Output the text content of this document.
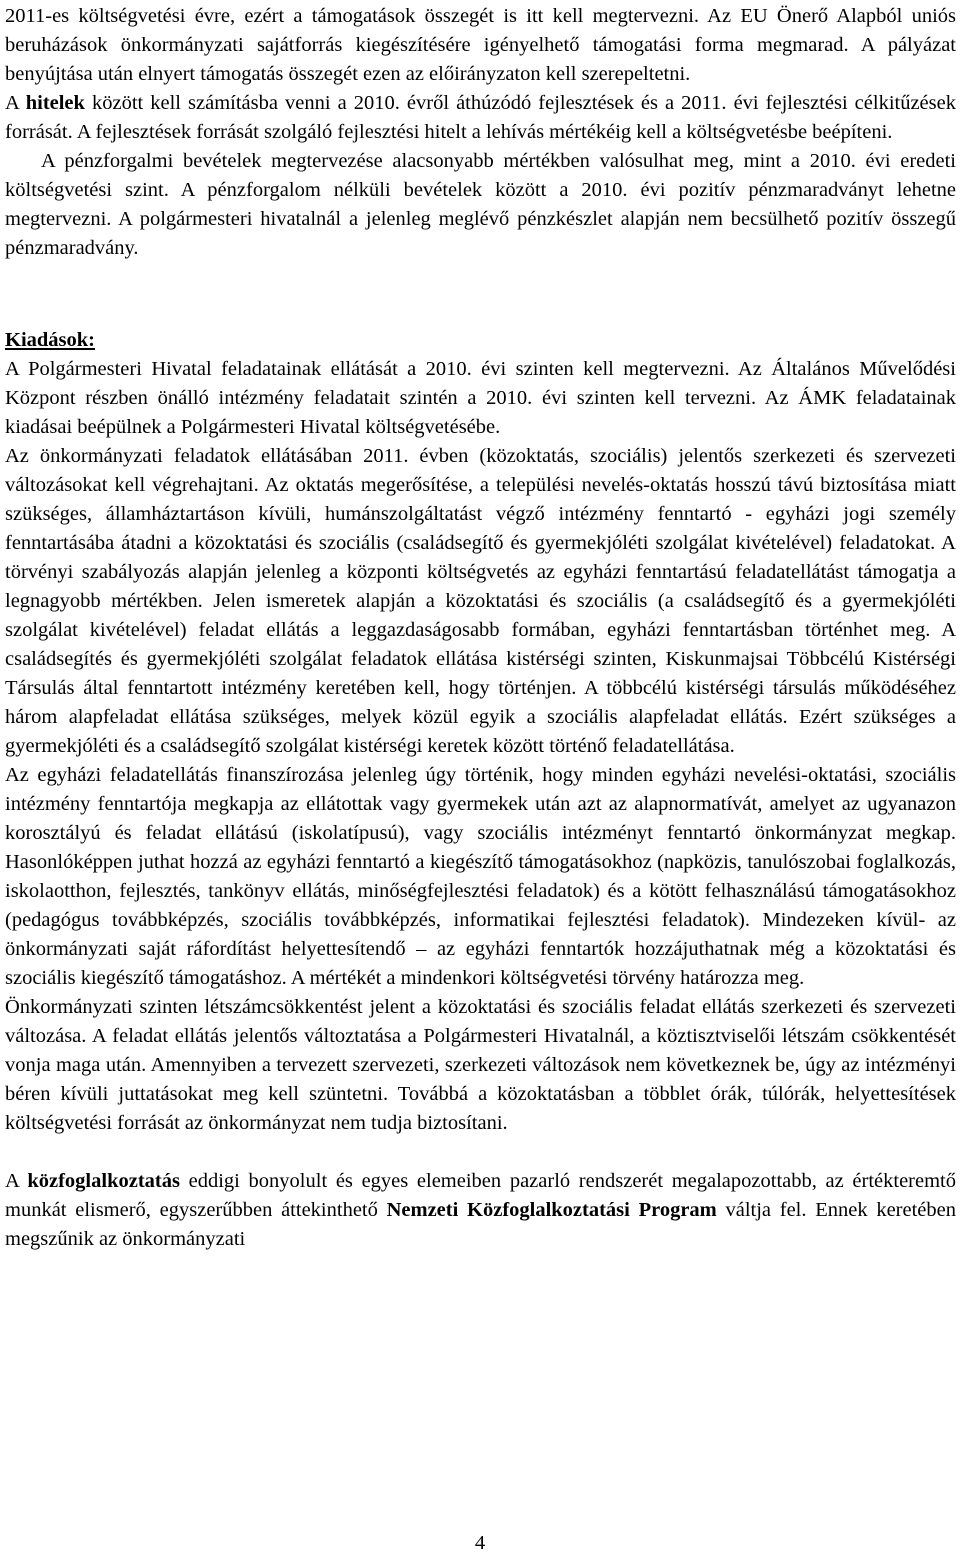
2011-es költségvetési évre, ezért a támogatások összegét is itt kell megtervezni. Az EU Önerő Alapból uniós beruházások önkormányzati sajátforrás kiegészítésére igényelhető támogatási forma megmarad. A pályázat benyújtása után elnyert támogatás összegét ezen az előirányzaton kell szerepeltetni.

A hitelek között kell számításba venni a 2010. évről áthúzódó fejlesztések és a 2011. évi fejlesztési célkitűzések forrását. A fejlesztések forrását szolgáló fejlesztési hitelt a lehívás mértékéig kell a költségvetésbe beépíteni.

A pénzforgalmi bevételek megtervezése alacsonyabb mértékben valósulhat meg, mint a 2010. évi eredeti költségvetési szint. A pénzforgalom nélküli bevételek között a 2010. évi pozitív pénzmaradványt lehetne megtervezni. A polgármesteri hivatalnál a jelenleg meglévő pénzkészlet alapján nem becsülhető pozitív összegű pénzmaradvány.

Kiadások:

A Polgármesteri Hivatal feladatainak ellátását a 2010. évi szinten kell megtervezni. Az Általános Művelődési Központ részben önálló intézmény feladatait szintén a 2010. évi szinten kell tervezni. Az ÁMK feladatainak kiadásai beépülnek a Polgármesteri Hivatal költségvetésébe.

Az önkormányzati feladatok ellátásában 2011. évben (közoktatás, szociális) jelentős szerkezeti és szervezeti változásokat kell végrehajtani. Az oktatás megerősítése, a települési nevelés-oktatás hosszú távú biztosítása miatt szükséges, államháztartáson kívüli, humánszolgáltatást végző intézmény fenntartó - egyházi jogi személy fenntartásába átadni a közoktatási és szociális (családsegítő és gyermekjóléti szolgálat kivételével) feladatokat. A törvényi szabályozás alapján jelenleg a központi költségvetés az egyházi fenntartású feladatellátást támogatja a legnagyobb mértékben. Jelen ismeretek alapján a közoktatási és szociális (a családsegítő és a gyermekjóléti szolgálat kivételével) feladat ellátás a leggazdaságosabb formában, egyházi fenntartásban történhet meg. A családsegítés és gyermekjóléti szolgálat feladatok ellátása kistérségi szinten, Kiskunmajsai Többcélú Kistérségi Társulás által fenntartott intézmény keretében kell, hogy történjen. A többcélú kistérségi társulás működéséhez három alapfeladat ellátása szükséges, melyek közül egyik a szociális alapfeladat ellátás. Ezért szükséges a gyermekjóléti és a családsegítő szolgálat kistérségi keretek között történő feladatellátása.

Az egyházi feladatellátás finanszírozása jelenleg úgy történik, hogy minden egyházi nevelési-oktatási, szociális intézmény fenntartója megkapja az ellátottak vagy gyermekek után azt az alapnormatívát, amelyet az ugyanazon korosztályú és feladat ellátású (iskolatípusú), vagy szociális intézményt fenntartó önkormányzat megkap. Hasonlóképpen juthat hozzá az egyházi fenntartó a kiegészítő támogatásokhoz (napközis, tanulószobai foglalkozás, iskolaotthon, fejlesztés, tankönyv ellátás, minőségfejlesztési feladatok) és a kötött felhasználású támogatásokhoz (pedagógus továbbképzés, szociális továbbképzés, informatikai fejlesztési feladatok). Mindezeken kívül- az önkormányzati saját ráfordítást helyettesítendő – az egyházi fenntartók hozzájuthatnak még a közoktatási és szociális kiegészítő támogatáshoz. A mértékét a mindenkori költségvetési törvény határozza meg.

Önkormányzati szinten létszámcsökkentést jelent a közoktatási és szociális feladat ellátás szerkezeti és szervezeti változása. A feladat ellátás jelentős változtatása a Polgármesteri Hivatalnál, a köztisztviselői létszám csökkentését vonja maga után. Amennyiben a tervezett szervezeti, szerkezeti változások nem következnek be, úgy az intézményi béren kívüli juttatásokat meg kell szüntetni. Továbbá a közoktatásban a többlet órák, túlórák, helyettesítések költségvetési forrását az önkormányzat nem tudja biztosítani.

A közfoglalkoztatás eddigi bonyolult és egyes elemeiben pazarló rendszerét megalapozottabb, az értékteremtő munkát elismerő, egyszerűbben áttekinthető Nemzeti Közfoglalkoztatási Program váltja fel. Ennek keretében megszűnik az önkormányzati

4
